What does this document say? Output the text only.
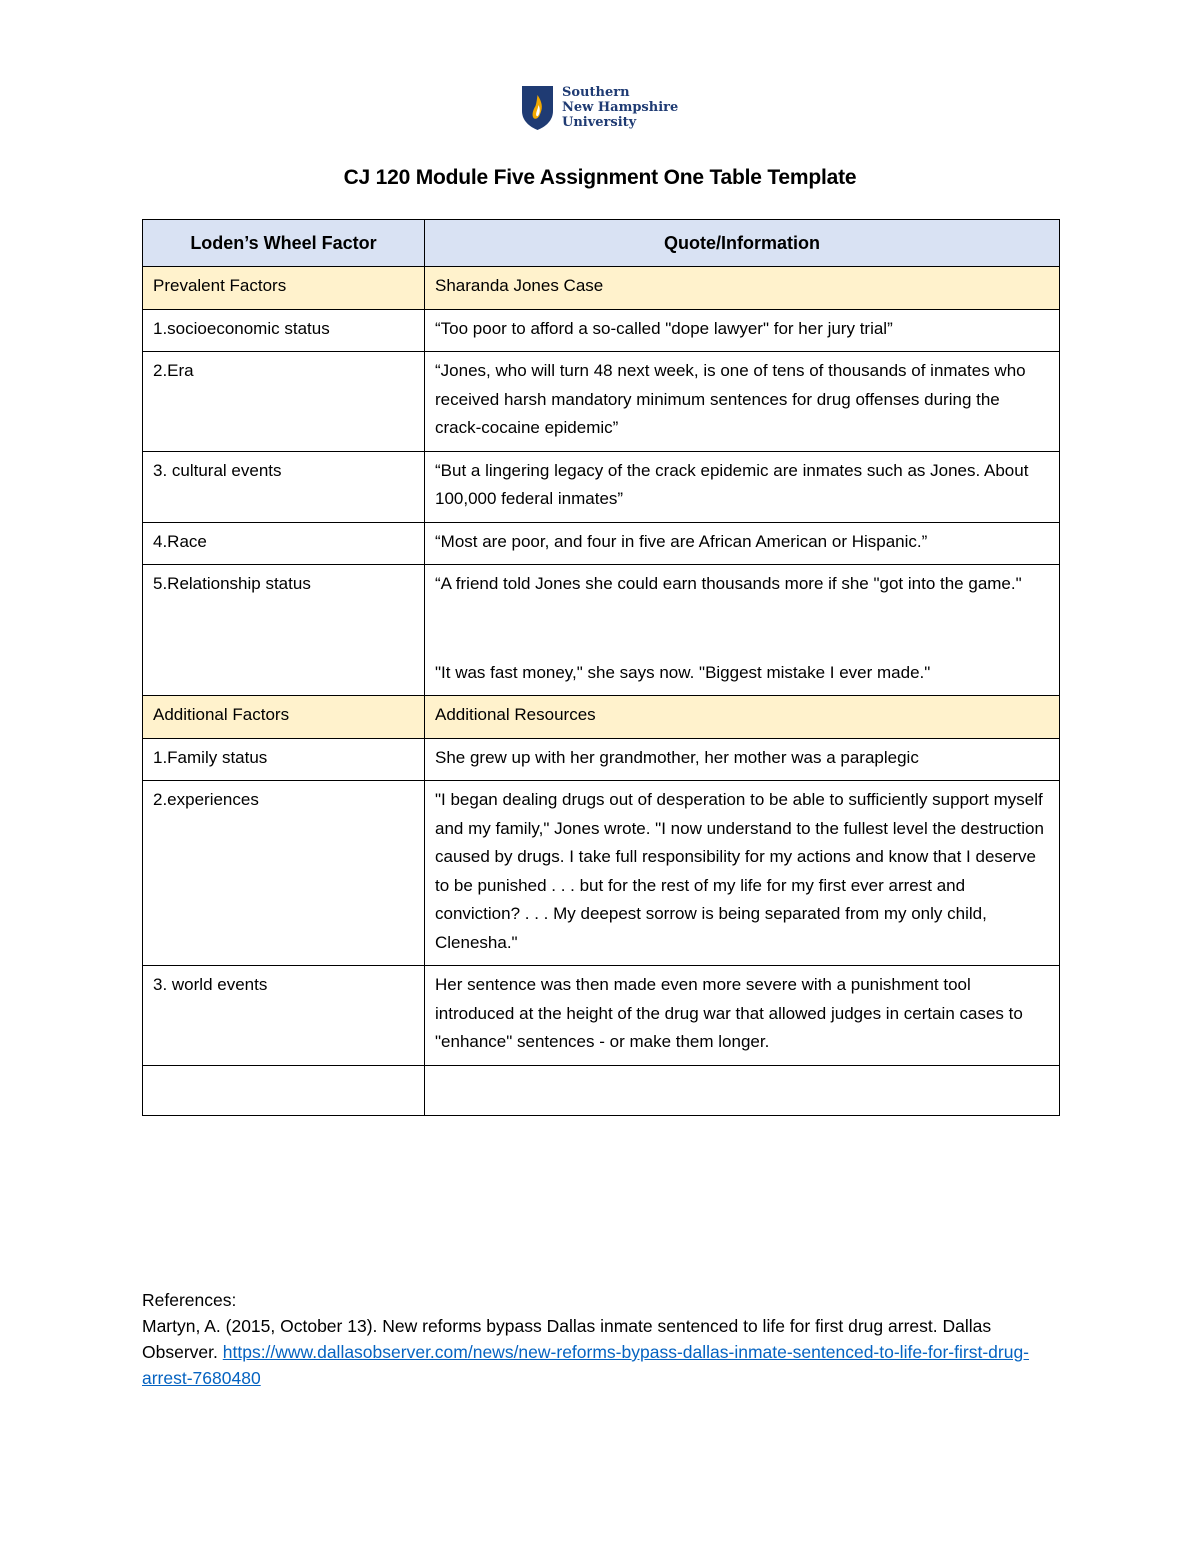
Southern
New Hampshire
University
CJ 120 Module Five Assignment One Table Template
Loden’s Wheel Factor	Quote/Information
Prevalent Factors	Sharanda Jones Case
1.socioeconomic status	“Too poor to afford a so-called "dope lawyer" for her jury trial”
2.Era	“Jones, who will turn 48 next week, is one of tens of thousands of inmates who received harsh mandatory minimum sentences for drug offenses during the crack-cocaine epidemic”
3. cultural events	“But a lingering legacy of the crack epidemic are inmates such as Jones. About 100,000 federal inmates”
4.Race	“Most are poor, and four in five are African American or Hispanic.”
5.Relationship status	“A friend told Jones she could earn thousands more if she "got into the game."

"It was fast money," she says now. "Biggest mistake I ever made."

Additional Factors	Additional Resources
1.Family status	She grew up with her grandmother, her mother was a paraplegic
2.experiences	"I began dealing drugs out of desperation to be able to sufficiently support myself and my family," Jones wrote. "I now understand to the fullest level the destruction caused by drugs. I take full responsibility for my actions and know that I deserve to be punished . . . but for the rest of my life for my first ever arrest and conviction? . . . My deepest sorrow is being separated from my only child, Clenesha."
3. world events	Her sentence was then made even more severe with a punishment tool introduced at the height of the drug war that allowed judges in certain cases to "enhance" sentences - or make them longer.

References:
Martyn, A. (2015, October 13). New reforms bypass Dallas inmate sentenced to life for first drug arrest. Dallas Observer. https://www.dallasobserver.com/news/new-reforms-bypass-dallas-inmate-sentenced-to-life-for-first-drug-arrest-7680480
